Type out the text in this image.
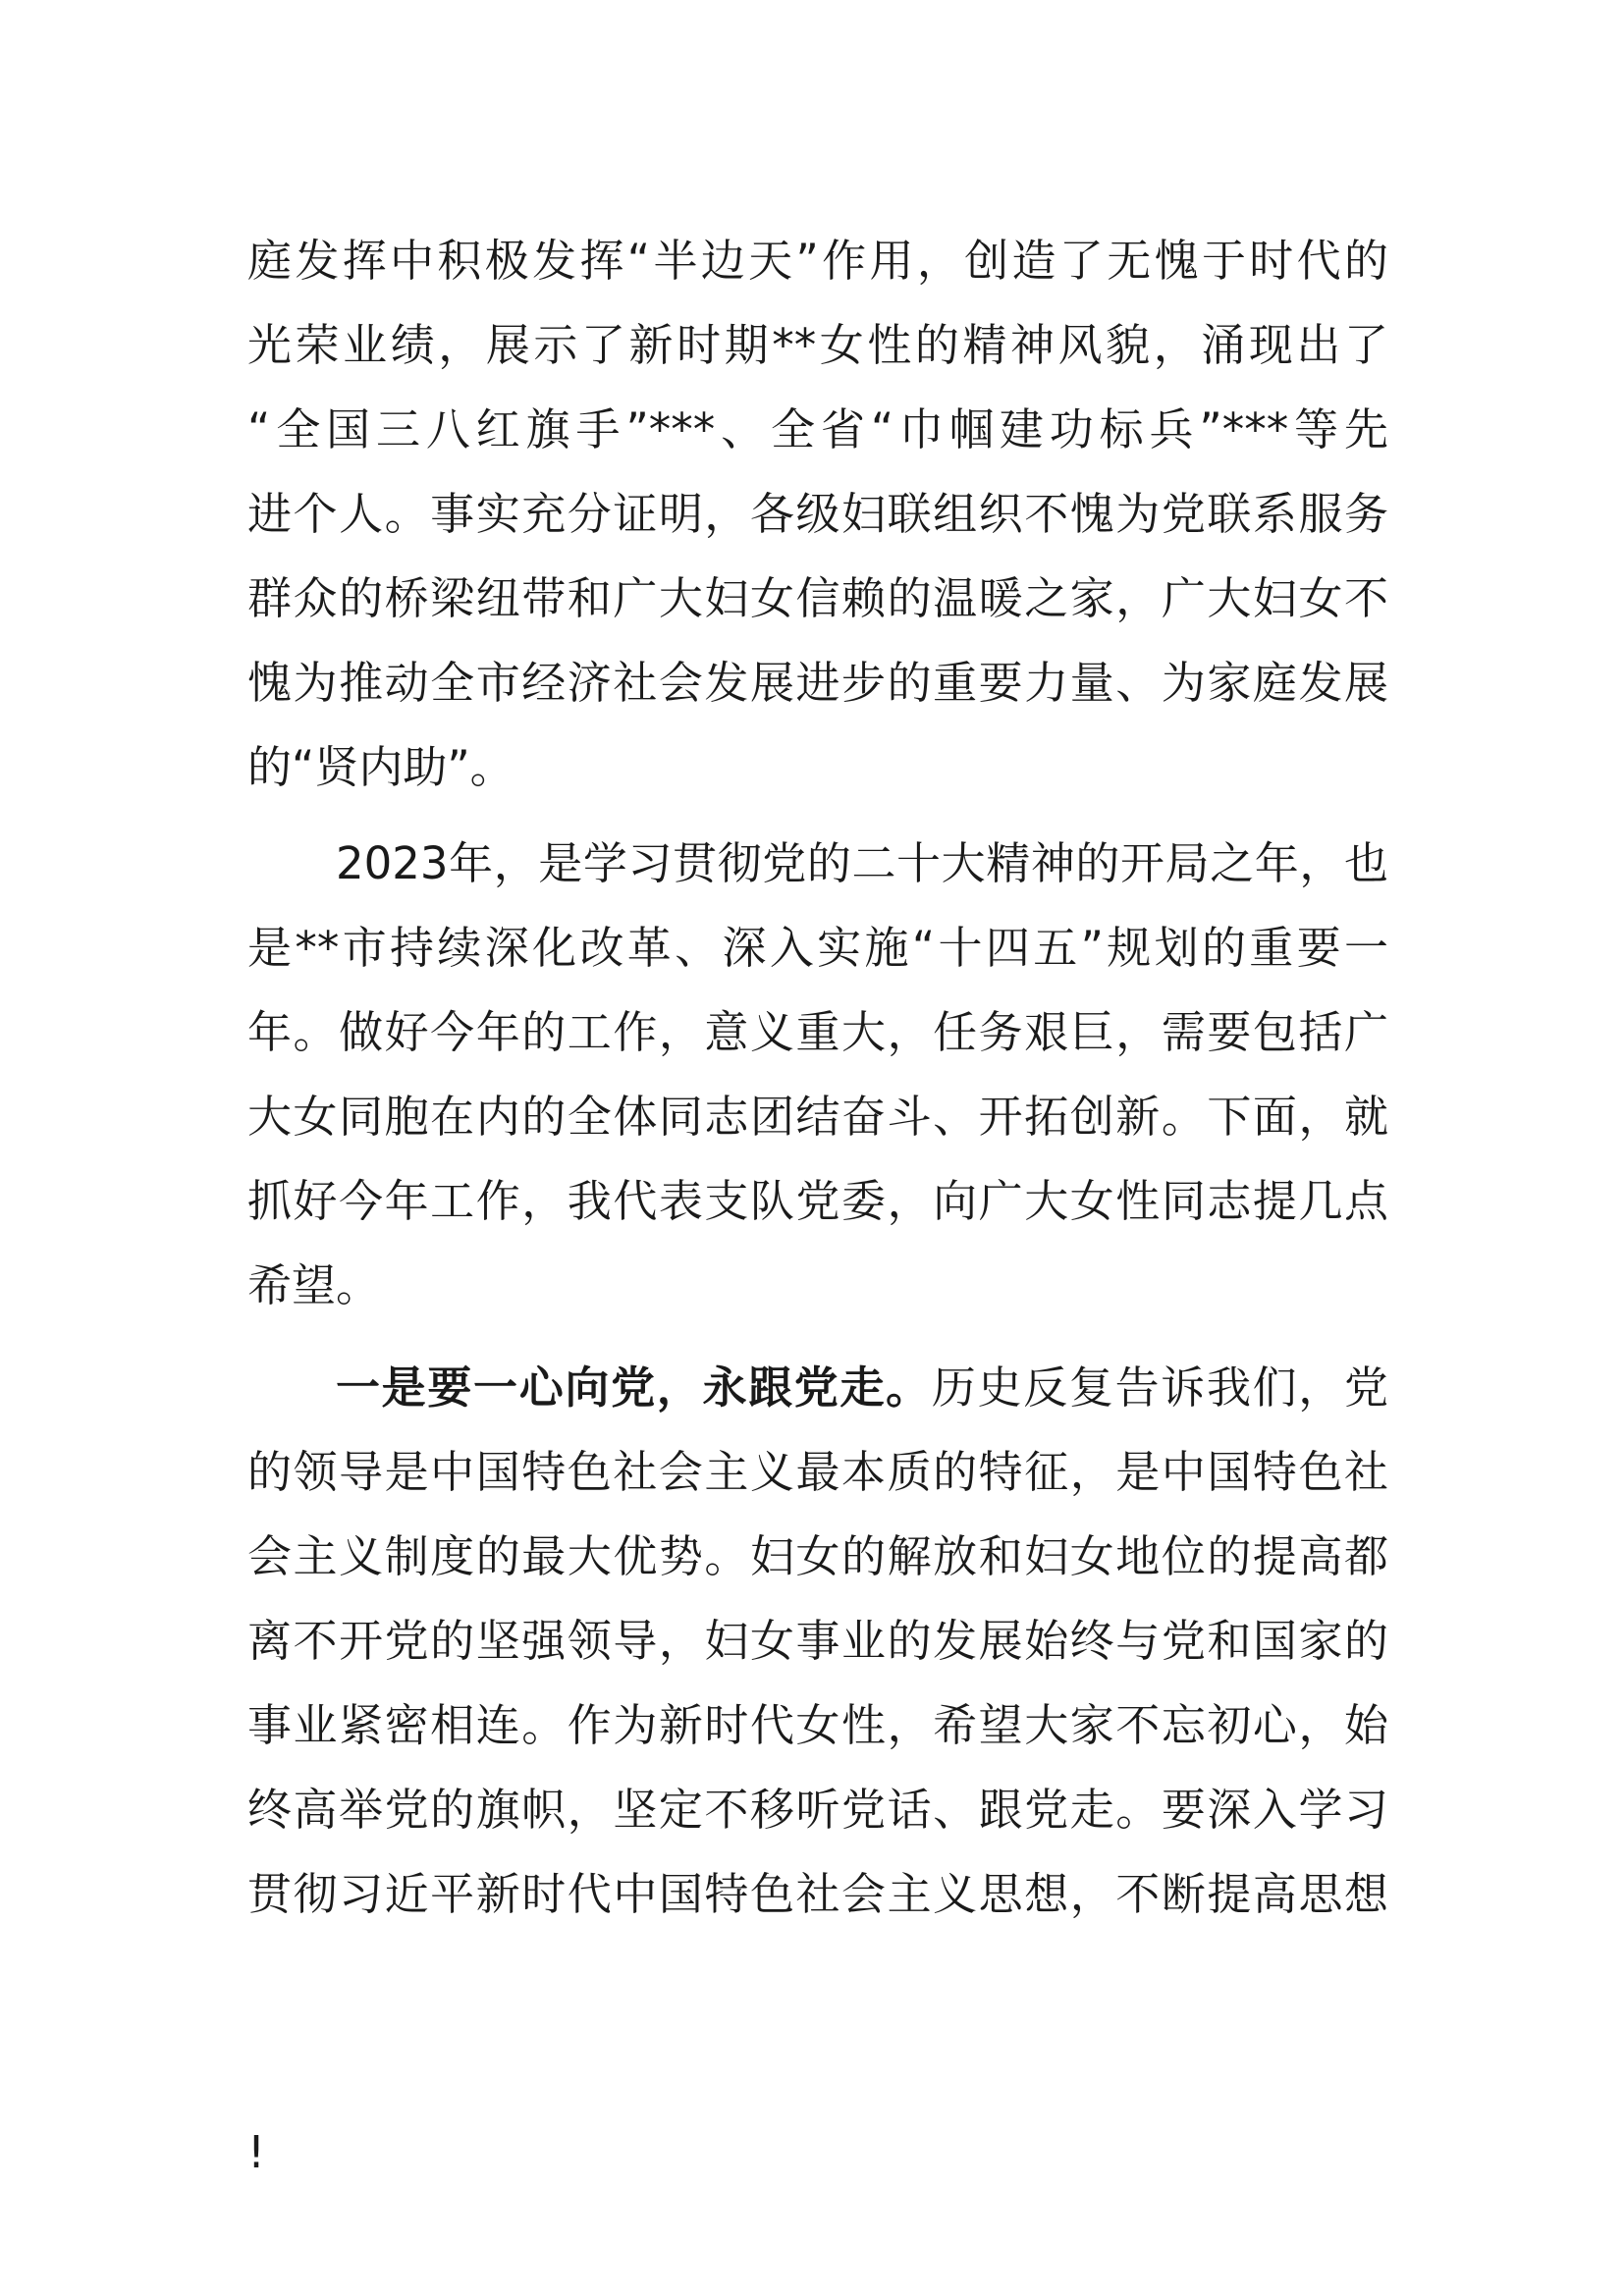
庭发挥中积极发挥“半边天”作用，创造了无愧于时代的
光荣业绩，展示了新时期**女性的精神风貌，涌现出了
“全国三八红旗手”***、全省“巾帼建功标兵”***等先
进个人。事实充分证明，各级妇联组织不愧为党联系服务
群众的桥梁纽带和广大妇女信赖的温暖之家，广大妇女不
愧为推动全市经济社会发展进步的重要力量、为家庭发展
的“贤内助”。
2023年，是学习贯彻党的二十大精神的开局之年，也
是**市持续深化改革、深入实施“十四五”规划的重要一
年。做好今年的工作，意义重大，任务艰巨，需要包括广
大女同胞在内的全体同志团结奋斗、开拓创新。下面，就
抓好今年工作，我代表支队党委，向广大女性同志提几点
希望。
一是要一心向党，永跟党走。历史反复告诉我们，党
的领导是中国特色社会主义最本质的特征，是中国特色社
会主义制度的最大优势。妇女的解放和妇女地位的提高都
离不开党的坚强领导，妇女事业的发展始终与党和国家的
事业紧密相连。作为新时代女性，希望大家不忘初心，始
终高举党的旗帜，坚定不移听党话、跟党走。要深入学习
贯彻习近平新时代中国特色社会主义思想，不断提高思想
!
